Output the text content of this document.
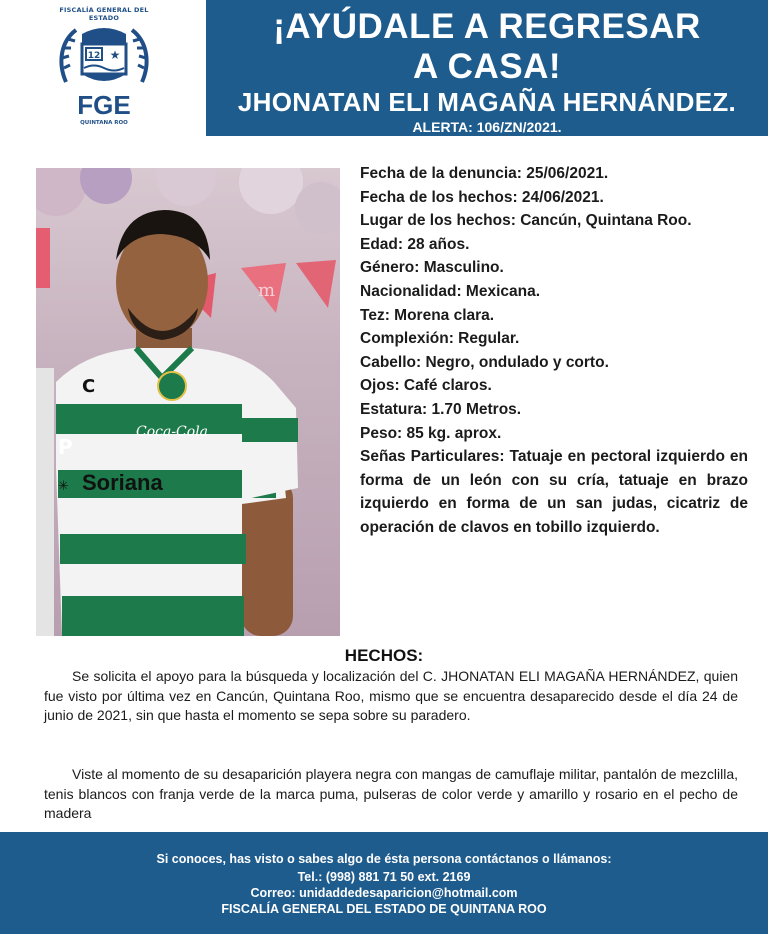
FISCALÍA GENERAL DEL ESTADO
12 ★
FGE
QUINTANA ROO
¡AYÚDALE A REGRESAR
A CASA!
JHONATAN ELI MAGAÑA HERNÁNDEZ.
ALERTA: 106/ZN/2021.
m
C
P
Coca-Cola
✳ Soriana
Fecha de la denuncia: 25/06/2021.
Fecha de los hechos: 24/06/2021.
Lugar de los hechos: Cancún, Quintana Roo.
Edad: 28 años.
Género: Masculino.
Nacionalidad: Mexicana.
Tez: Morena clara.
Complexión: Regular.
Cabello: Negro, ondulado y corto.
Ojos: Café claros.
Estatura: 1.70 Metros.
Peso: 85 kg. aprox.
Señas Particulares: Tatuaje en pectoral izquierdo en forma de un león con su cría, tatuaje en brazo izquierdo en forma de un san judas, cicatriz de operación de clavos en tobillo izquierdo.
HECHOS:
Se solicita el apoyo para la búsqueda y localización del C. JHONATAN ELI MAGAÑA HERNÁNDEZ, quien fue visto por última vez en Cancún, Quintana Roo, mismo que se encuentra desaparecido desde el día 24 de junio de 2021, sin que hasta el momento se sepa sobre su paradero.
Viste al momento de su desaparición playera negra con mangas de camuflaje militar, pantalón de mezclilla, tenis blancos con franja verde de la marca puma, pulseras de color verde y amarillo y rosario en el pecho de madera
Si conoces, has visto o sabes algo de ésta persona contáctanos o llámanos:
Tel.: (998) 881 71 50 ext. 2169
Correo: unidaddedesaparicion@hotmail.com
FISCALÍA GENERAL DEL ESTADO DE QUINTANA ROO
